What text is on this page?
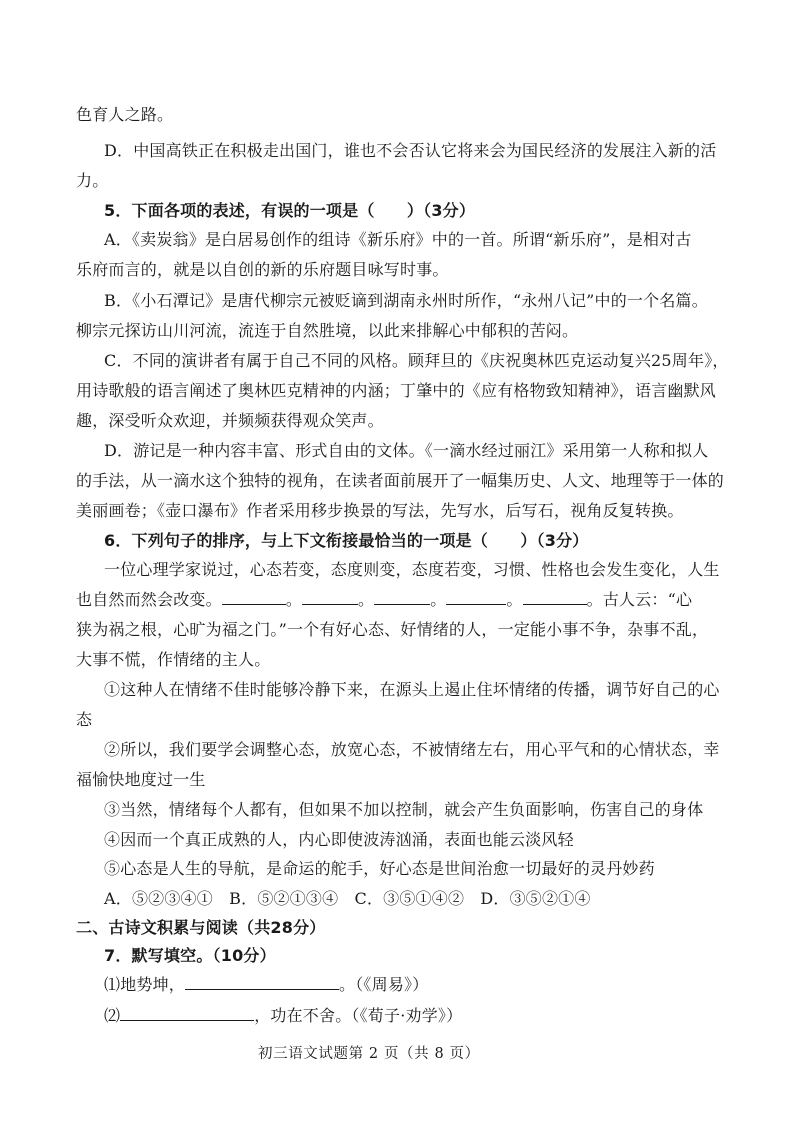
色育人之路。
D．中国高铁正在积极走出国门，谁也不会否认它将来会为国民经济的发展注入新的活
力。
5．下面各项的表述，有误的一项是（　　）（3分）
A．《卖炭翁》是白居易创作的组诗《新乐府》中的一首。所谓“新乐府”，是相对古
乐府而言的，就是以自创的新的乐府题目咏写时事。
B．《小石潭记》是唐代柳宗元被贬谪到湖南永州时所作，“永州八记”中的一个名篇。
柳宗元探访山川河流，流连于自然胜境，以此来排解心中郁积的苦闷。
C．不同的演讲者有属于自己不同的风格。顾拜旦的《庆祝奥林匹克运动复兴25周年》，
用诗歌般的语言阐述了奥林匹克精神的内涵；丁肇中的《应有格物致知精神》，语言幽默风
趣，深受听众欢迎，并频频获得观众笑声。
D．游记是一种内容丰富、形式自由的文体。《一滴水经过丽江》采用第一人称和拟人
的手法，从一滴水这个独特的视角，在读者面前展开了一幅集历史、人文、地理等于一体的
美丽画卷；《壶口瀑布》作者采用移步换景的写法，先写水，后写石，视角反复转换。
6．下列句子的排序，与上下文衔接最恰当的一项是（　　）（3分）
一位心理学家说过，心态若变，态度则变，态度若变，习惯、性格也会发生变化，人生
也自然而然会改变。	。	。	。	。	。古人云：“心
狭为祸之根，心旷为福之门。”一个有好心态、好情绪的人，一定能小事不争，杂事不乱，
大事不慌，作情绪的主人。
①这种人在情绪不佳时能够冷静下来，在源头上遏止住坏情绪的传播，调节好自己的心
态
②所以，我们要学会调整心态，放宽心态，不被情绪左右，用心平气和的心情状态，幸
福愉快地度过一生
③当然，情绪每个人都有，但如果不加以控制，就会产生负面影响，伤害自己的身体
④因而一个真正成熟的人，内心即使波涛汹涌，表面也能云淡风轻
⑤心态是人生的导航，是命运的舵手，好心态是世间治愈一切最好的灵丹妙药
A．⑤②③④①　B．⑤②①③④　C．③⑤①④②　D．③⑤②①④
二、古诗文积累与阅读（共28分）
7．默写填空。（10分）
⑴地势坤，	。（《周易》）
⑵	，功在不舍。（《荀子·劝学》）
初三语文试题第 2 页（共 8 页）
